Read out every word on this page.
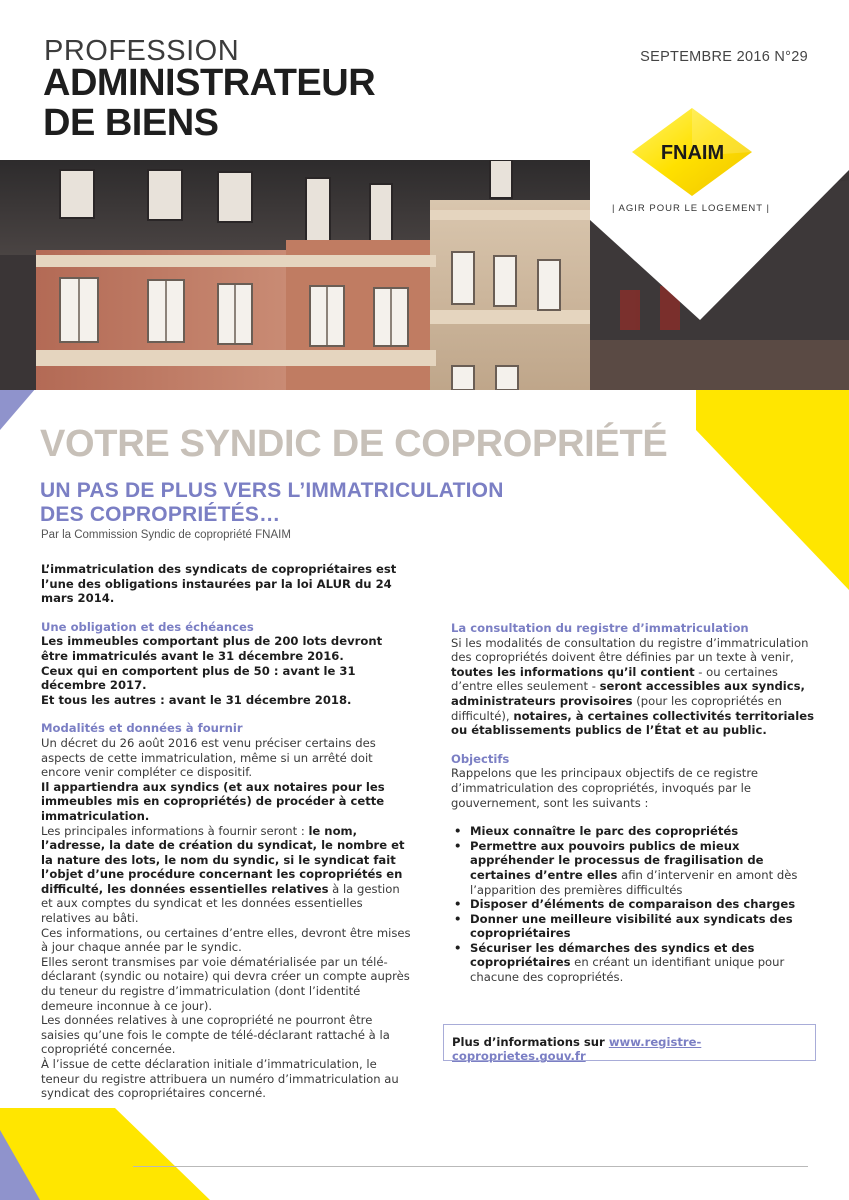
PROFESSION
ADMINISTRATEUR
DE BIENS
SEPTEMBRE 2016 N°29
FNAIM
| AGIR POUR LE LOGEMENT |
VOTRE SYNDIC DE COPROPRIÉTÉ
UN PAS DE PLUS VERS L’IMMATRICULATION
DES COPROPRIÉTÉS…
Par la Commission Syndic de copropriété FNAIM

L’immatriculation des syndicats de copropriétaires est l’une des obligations instaurées par la loi ALUR du 24 mars 2014.

Une obligation et des échéances

Les immeubles comportant plus de 200 lots devront être immatriculés avant le 31 décembre 2016.

Ceux qui en comportent plus de 50 : avant le 31 décembre 2017.

Et tous les autres : avant le 31 décembre 2018.

Modalités et données à fournir

Un décret du 26 août 2016 est venu préciser certains des aspects de cette immatriculation, même si un arrêté doit encore venir compléter ce dispositif.

Il appartiendra aux syndics (et aux notaires pour les immeubles mis en copropriétés) de procéder à cette immatriculation.

Les principales informations à fournir seront : le nom, l’adresse, la date de création du syndicat, le nombre et la nature des lots, le nom du syndic, si le syndicat fait l’objet d’une procédure concernant les copropriétés en difficulté, les données essentielles relatives à la gestion et aux comptes du syndicat et les données essentielles relatives au bâti.

Ces informations, ou certaines d’entre elles, devront être mises à jour chaque année par le syndic.

Elles seront transmises par voie dématérialisée par un télé-déclarant (syndic ou notaire) qui devra créer un compte auprès du teneur du registre d’immatriculation (dont l’identité demeure inconnue à ce jour).

Les données relatives à une copropriété ne pourront être saisies qu’une fois le compte de télé-déclarant rattaché à la copropriété concernée.

À l’issue de cette déclaration initiale d’immatriculation, le teneur du registre attribuera un numéro d’immatriculation au syndicat des copropriétaires concerné.

La consultation du registre d’immatriculation

Si les modalités de consultation du registre d’immatriculation des copropriétés doivent être définies par un texte à venir, toutes les informations qu’il contient - ou certaines d’entre elles seulement - seront accessibles aux syndics, administrateurs provisoires (pour les copropriétés en difficulté), notaires, à certaines collectivités territoriales ou établissements publics de l’État et au public.

Objectifs

Rappelons que les principaux objectifs de ce registre d’immatriculation des copropriétés, invoqués par le gouvernement, sont les suivants :

• Mieux connaître le parc des copropriétés
• Permettre aux pouvoirs publics de mieux appréhender le processus de fragilisation de certaines d’entre elles afin d’intervenir en amont dès l’apparition des premières difficultés
• Disposer d’éléments de comparaison des charges
• Donner une meilleure visibilité aux syndicats des copropriétaires
• Sécuriser les démarches des syndics et des copropriétaires en créant un identifiant unique pour chacune des copropriétés.
Plus d’informations sur www.registre-coproprietes.gouv.fr
